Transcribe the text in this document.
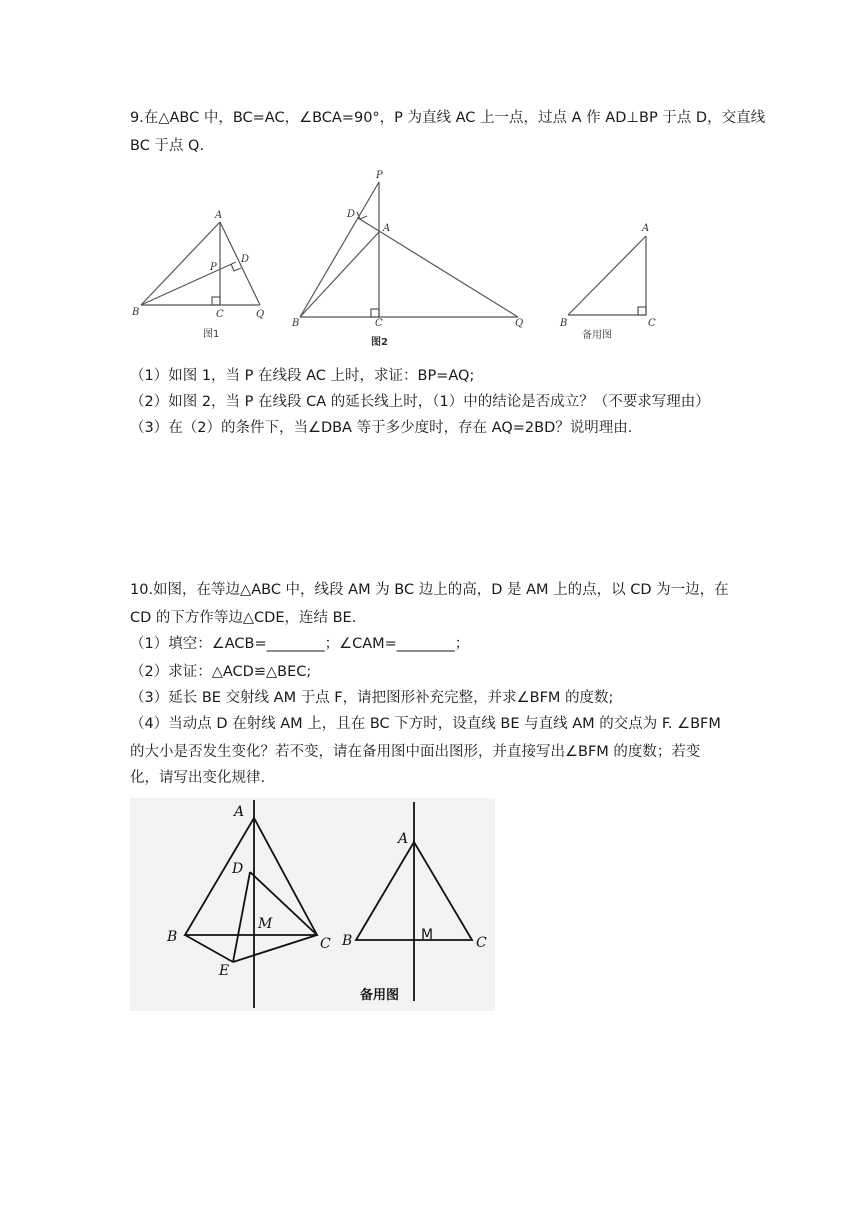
9.在△ABC 中，BC=AC，∠BCA=90°，P 为直线 AC 上一点，过点 A 作 AD⊥BP 于点 D，交直线
BC 于点 Q.
A
B	C
P
D
Q
图1
P
D
A
B	C	Q
图2
A
B	C
备用图
（1）如图 1，当 P 在线段 AC 上时，求证：BP=AQ;
（2）如图 2，当 P 在线段 CA 的延长线上时，（1）中的结论是否成立？（不要求写理由）
（3）在（2）的条件下，当∠DBA 等于多少度时，存在 AQ=2BD？说明理由.
10.如图，在等边△ABC 中，线段 AM 为 BC 边上的高，D 是 AM 上的点，以 CD 为一边，在
CD 的下方作等边△CDE，连结 BE.
（1）填空：∠ACB=________；∠CAM=________；
（2）求证：△ACD≌△BEC;
（3）延长 BE 交射线 AM 于点 F，请把图形补充完整，并求∠BFM 的度数;
（4）当动点 D 在射线 AM 上，且在 BC 下方时，设直线 BE 与直线 AM 的交点为 F. ∠BFM
的大小是否发生变化？若不变，请在备用图中面出图形，并直接写出∠BFM 的度数；若变
化，请写出变化规律.
A
D
M
B	C
E
A
M
B	C
备用图
